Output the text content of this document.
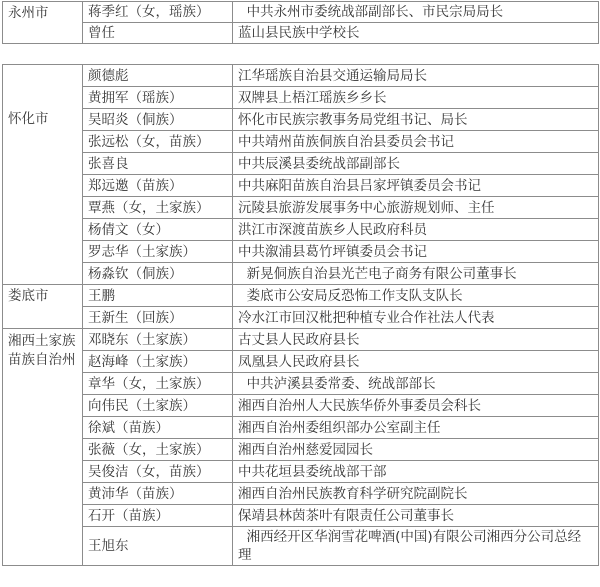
永州市	蒋季红（女，瑶族）	中共永州市委统战部副部长、市民宗局局长
	曾任	蓝山县民族中学校长
怀化市	颜德彪	江华瑶族自治县交通运输局局长
	黄拥军（瑶族）	双牌县上梧江瑶族乡乡长
	吴昭炎（侗族）	怀化市民族宗教事务局党组书记、局长
	张远松（女，苗族）	中共靖州苗族侗族自治县委员会书记
	张喜良	中共辰溪县委统战部副部长
	郑远邀（苗族）	中共麻阳苗族自治县吕家坪镇委员会书记
	覃燕（女，土家族）	沅陵县旅游发展事务中心旅游规划师、主任
	杨倩文（女）	洪江市深渡苗族乡人民政府科员
	罗志华（土家族）	中共溆浦县葛竹坪镇委员会书记
	杨淼钦（侗族）	新晃侗族自治县光芒电子商务有限公司董事长
娄底市	王鹏	娄底市公安局反恐怖工作支队支队长
	王新生（回族）	冷水江市回汉枇把种植专业合作社法人代表
湘西土家族苗族自治州	邓晓东（土家族）	古丈县人民政府县长
	赵海峰（土家族）	凤凰县人民政府县长
	章华（女，土家族）	中共泸溪县委常委、统战部部长
	向伟民（土家族）	湘西自治州人大民族华侨外事委员会科长
	徐斌（苗族）	湘西自治州委组织部办公室副主任
	张薇（女，土家族）	湘西自治州慈爱园园长
	吴俊洁（女，苗族）	中共花垣县委统战部干部
	黄沛华（苗族）	湘西自治州民族教育科学研究院副院长
	石开（苗族）	保靖县林茵茶叶有限责任公司董事长
	王旭东	湘西经开区华润雪花啤酒(中国)有限公司湘西分公司总经理
